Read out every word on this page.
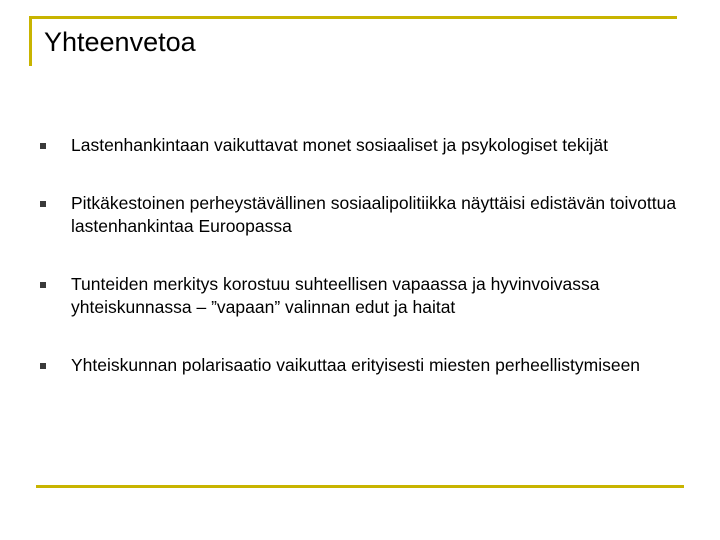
Yhteenvetoa
Lastenhankintaan vaikuttavat monet sosiaaliset ja psykologiset tekijät
Pitkäkestoinen perheystävällinen sosiaalipolitiikka näyttäisi edistävän toivottua lastenhankintaa Euroopassa
Tunteiden merkitys korostuu suhteellisen vapaassa ja hyvinvoivassa yhteiskunnassa – ”vapaan” valinnan edut ja haitat
Yhteiskunnan polarisaatio vaikuttaa erityisesti miesten perheellistymiseen
